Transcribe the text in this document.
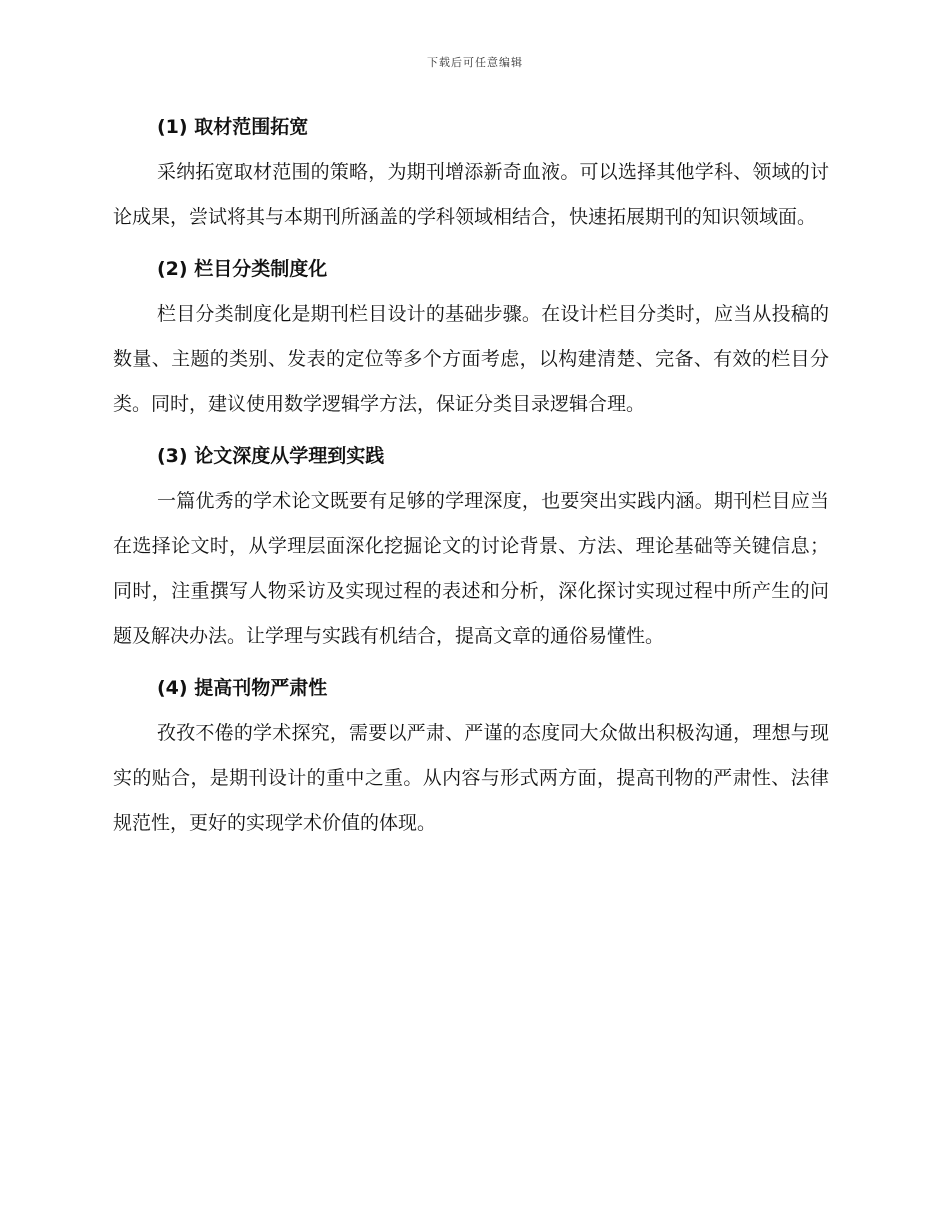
下载后可任意编辑

(1) 取材范围拓宽

采纳拓宽取材范围的策略，为期刊增添新奇血液。可以选择其他学科、领域的讨论成果，尝试将其与本期刊所涵盖的学科领域相结合，快速拓展期刊的知识领域面。

(2) 栏目分类制度化

栏目分类制度化是期刊栏目设计的基础步骤。在设计栏目分类时，应当从投稿的数量、主题的类别、发表的定位等多个方面考虑，以构建清楚、完备、有效的栏目分类。同时，建议使用数学逻辑学方法，保证分类目录逻辑合理。

(3) 论文深度从学理到实践

一篇优秀的学术论文既要有足够的学理深度，也要突出实践内涵。期刊栏目应当在选择论文时，从学理层面深化挖掘论文的讨论背景、方法、理论基础等关键信息；同时，注重撰写人物采访及实现过程的表述和分析，深化探讨实现过程中所产生的问题及解决办法。让学理与实践有机结合，提高文章的通俗易懂性。

(4) 提高刊物严肃性

孜孜不倦的学术探究，需要以严肃、严谨的态度同大众做出积极沟通，理想与现实的贴合，是期刊设计的重中之重。从内容与形式两方面，提高刊物的严肃性、法律规范性，更好的实现学术价值的体现。
